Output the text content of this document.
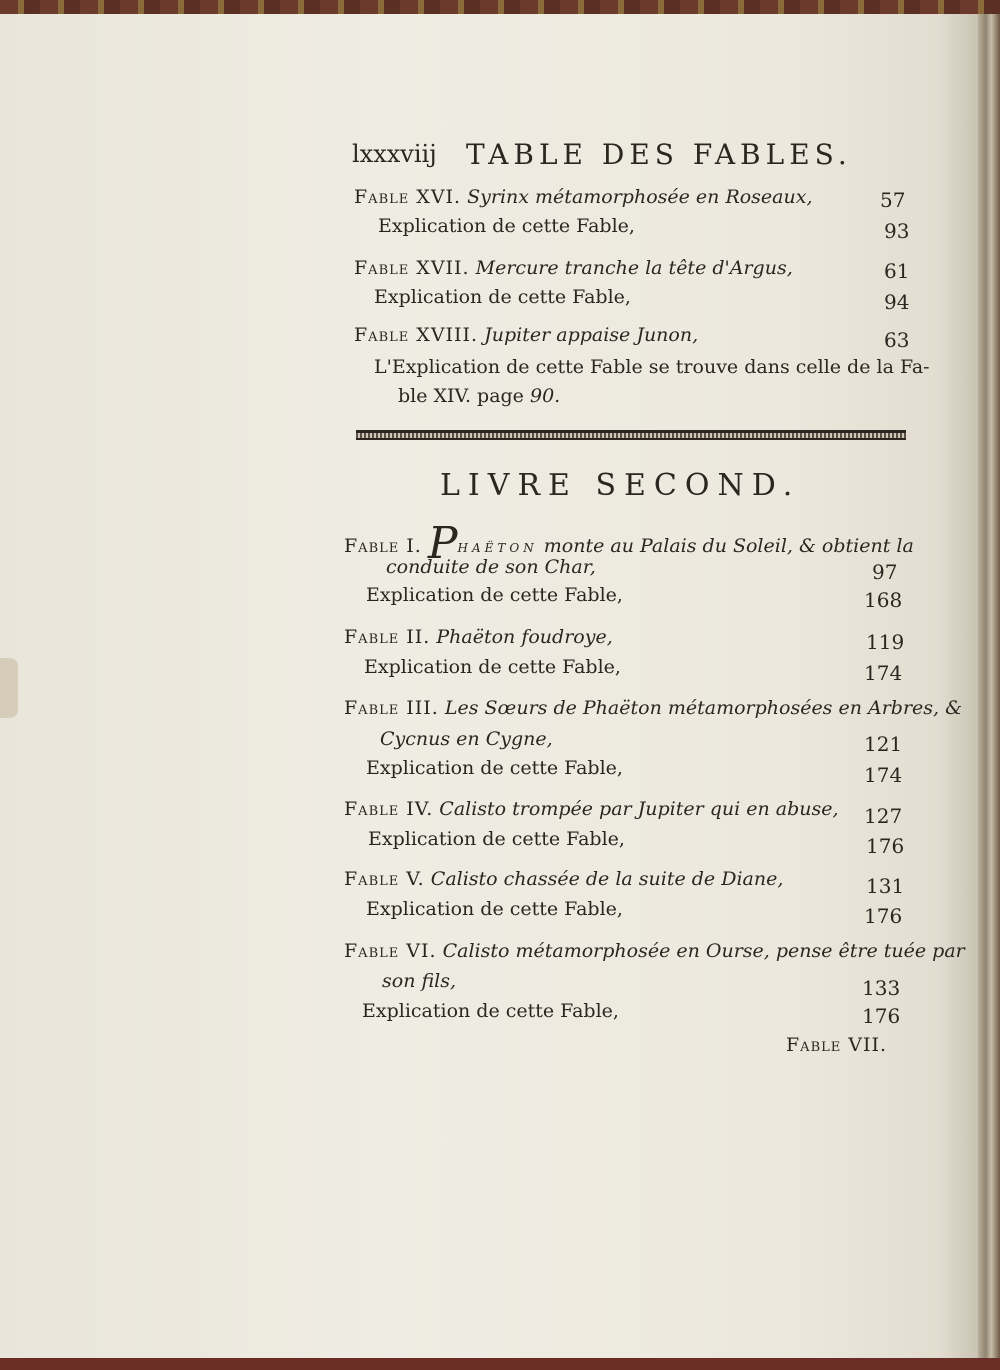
lxxxviij TABLE DES FABLES.
Fable XVI. Syrinx métamorphosée en Roseaux,	57
Explication de cette Fable,	93
Fable XVII. Mercure tranche la tête d'Argus,	61
Explication de cette Fable,	94
Fable XVIII. Jupiter appaise Junon,	63
L'Explication de cette Fable se trouve dans celle de la Fa-
ble XIV. page 90.
LIVRE SECOND.
Fable I. PHAËTON monte au Palais du Soleil, & obtient la
conduite de son Char,	97
Explication de cette Fable,	168
Fable II. Phaëton foudroye,	119
Explication de cette Fable,	174
Fable III. Les Sœurs de Phaëton métamorphosées en Arbres, &
Cycnus en Cygne,	121
Explication de cette Fable,	174
Fable IV. Calisto trompée par Jupiter qui en abuse, 127
Explication de cette Fable,	176
Fable V. Calisto chassée de la suite de Diane,	131
Explication de cette Fable,	176
Fable VI. Calisto métamorphosée en Ourse, pense être tuée par
son fils,	133
Explication de cette Fable,	176
Fable VII.
